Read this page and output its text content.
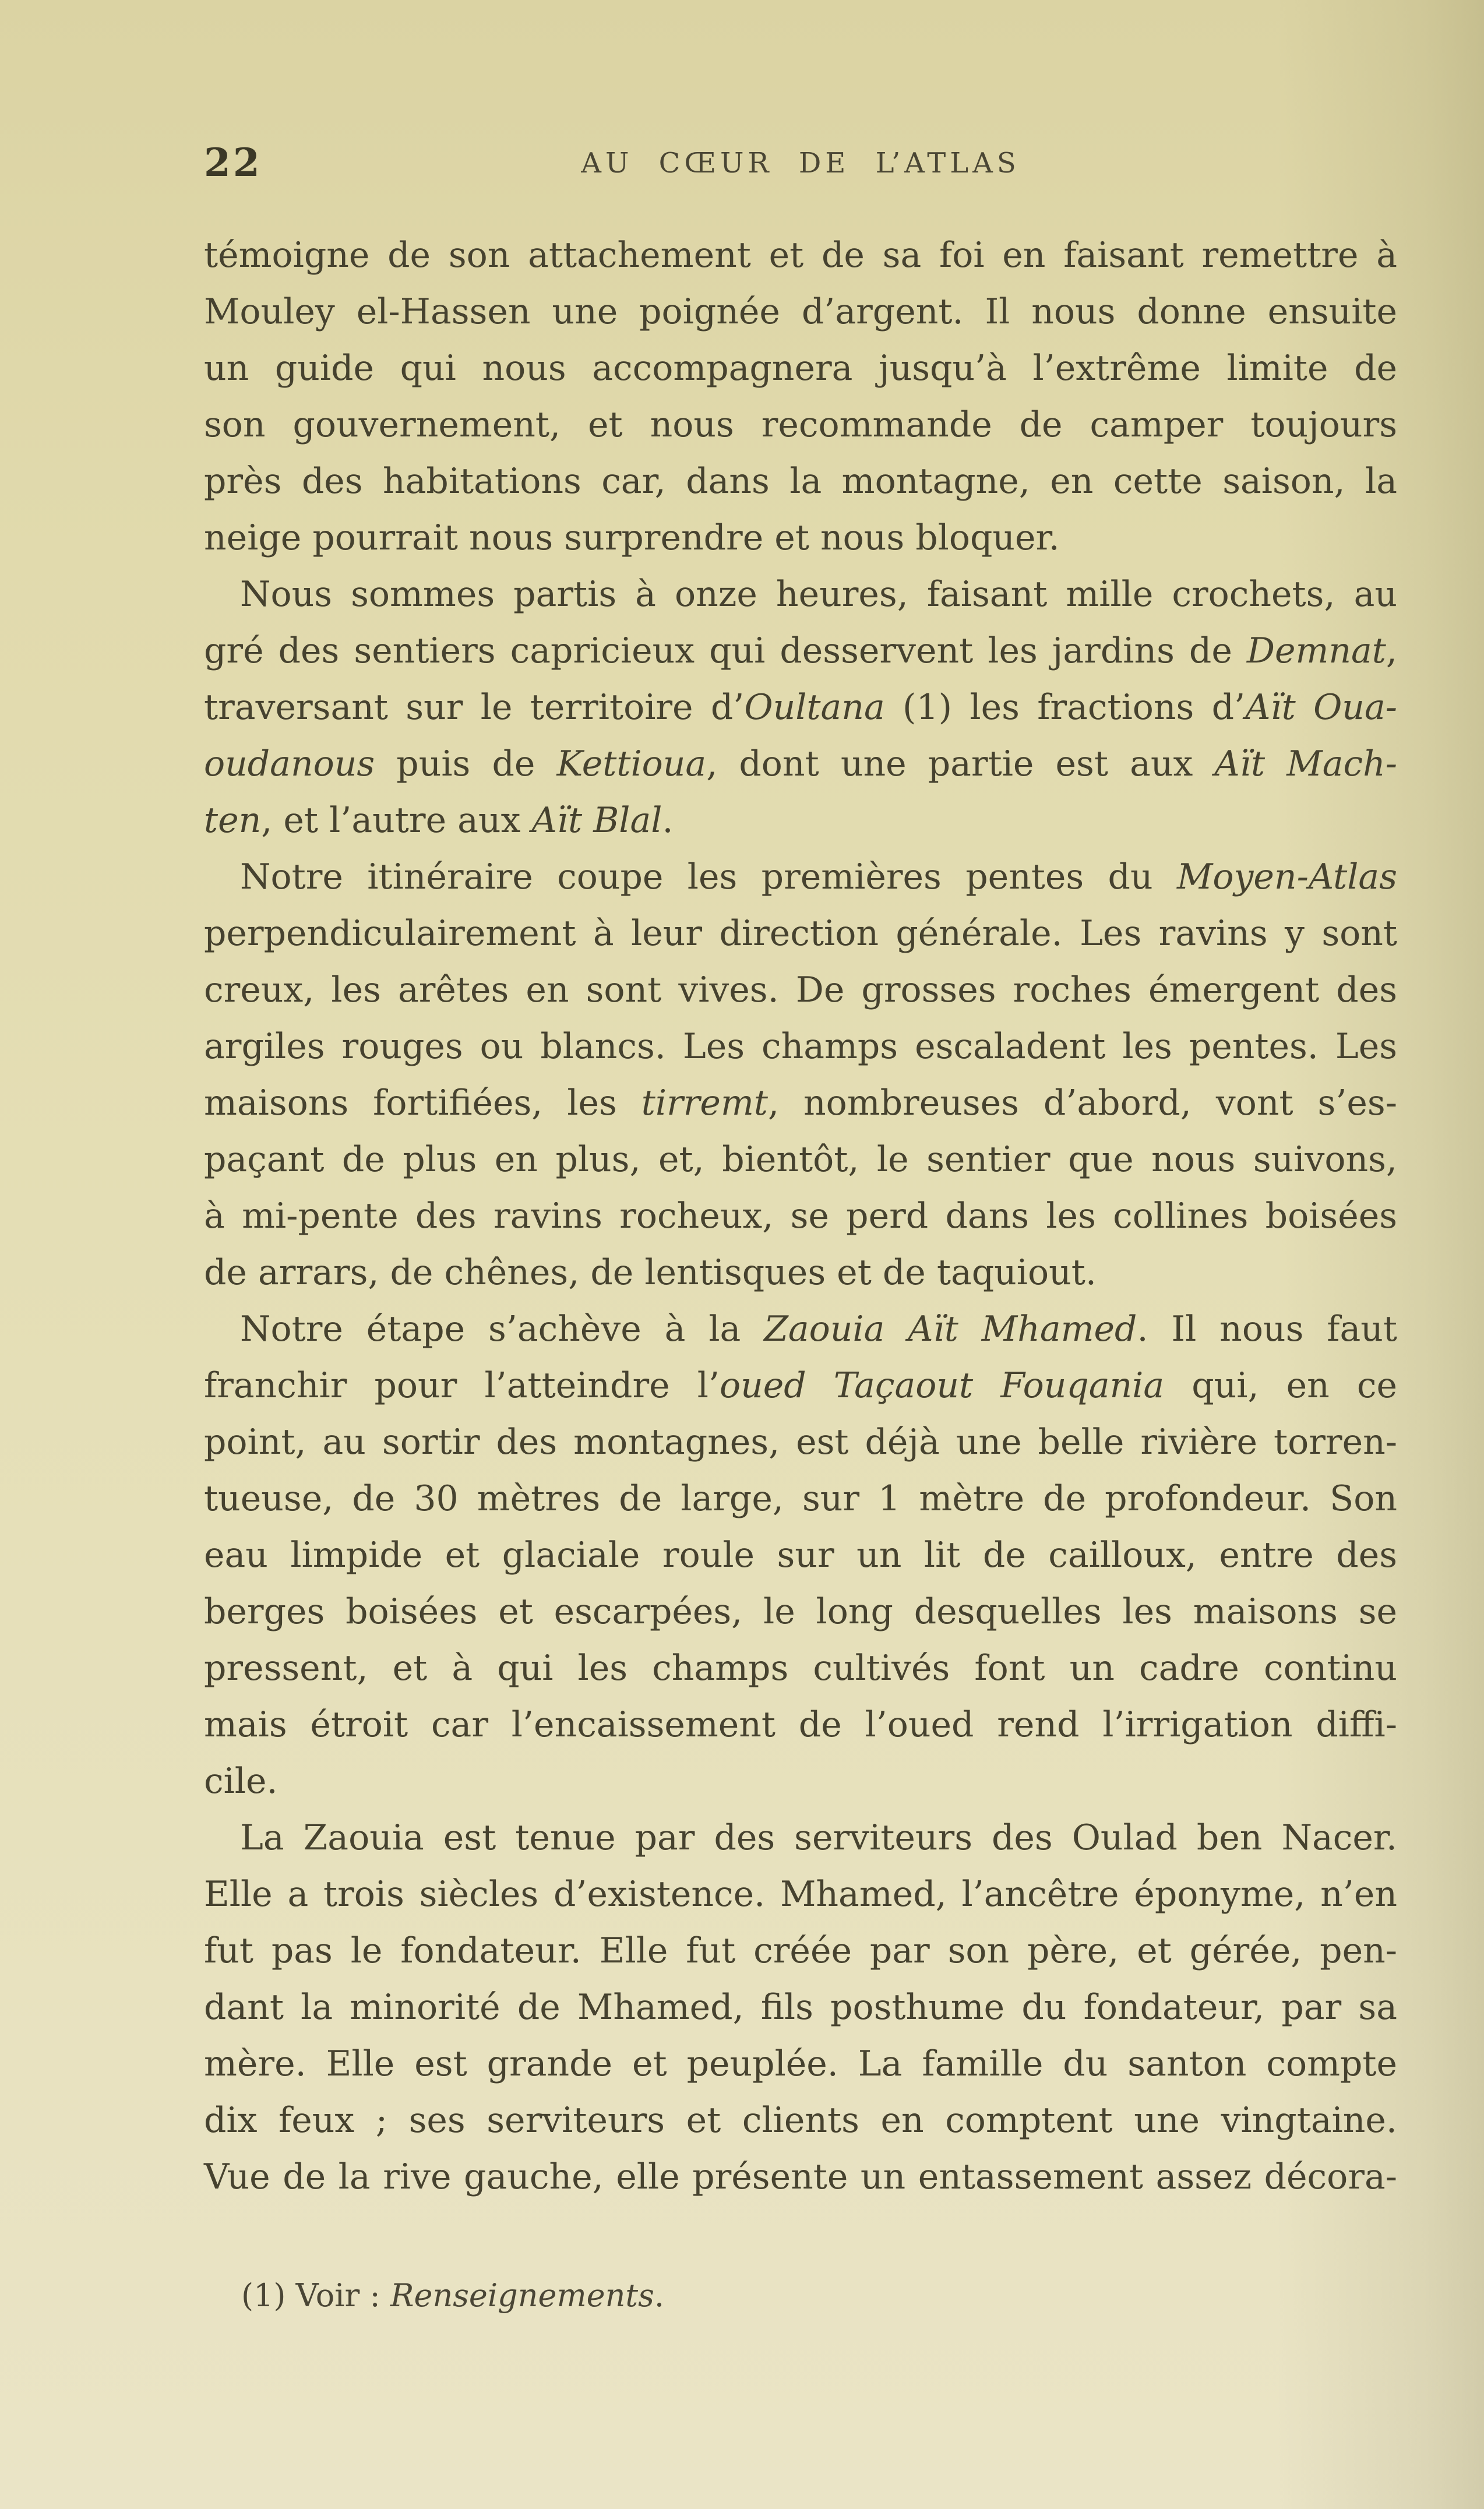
22	AU CŒUR DE L’ATLAS
témoigne de son attachement et de sa foi en faisant remettre à
Mouley el-Hassen une poignée d’argent. Il nous donne ensuite
un guide qui nous accompagnera jusqu’à l’extrême limite de
son gouvernement, et nous recommande de camper toujours
près des habitations car, dans la montagne, en cette saison, la
neige pourrait nous surprendre et nous bloquer.
Nous sommes partis à onze heures, faisant mille crochets, au
gré des sentiers capricieux qui desservent les jardins de Demnat,
traversant sur le territoire d’Oultana (1) les fractions d’Aït Oua-
oudanous puis de Kettioua, dont une partie est aux Aït Mach-
ten, et l’autre aux Aït Blal.
Notre itinéraire coupe les premières pentes du Moyen-Atlas
perpendiculairement à leur direction générale. Les ravins y sont
creux, les arêtes en sont vives. De grosses roches émergent des
argiles rouges ou blancs. Les champs escaladent les pentes. Les
maisons fortifiées, les tirremt, nombreuses d’abord, vont s’es-
paçant de plus en plus, et, bientôt, le sentier que nous suivons,
à mi-pente des ravins rocheux, se perd dans les collines boisées
de arrars, de chênes, de lentisques et de taquiout.
Notre étape s’achève à la Zaouia Aït Mhamed. Il nous faut
franchir pour l’atteindre l’oued Taçaout Fouqania qui, en ce
point, au sortir des montagnes, est déjà une belle rivière torren-
tueuse, de 30 mètres de large, sur 1 mètre de profondeur. Son
eau limpide et glaciale roule sur un lit de cailloux, entre des
berges boisées et escarpées, le long desquelles les maisons se
pressent, et à qui les champs cultivés font un cadre continu
mais étroit car l’encaissement de l’oued rend l’irrigation diffi-
cile.
La Zaouia est tenue par des serviteurs des Oulad ben Nacer.
Elle a trois siècles d’existence. Mhamed, l’ancêtre éponyme, n’en
fut pas le fondateur. Elle fut créée par son père, et gérée, pen-
dant la minorité de Mhamed, fils posthume du fondateur, par sa
mère. Elle est grande et peuplée. La famille du santon compte
dix feux ; ses serviteurs et clients en comptent une vingtaine.
Vue de la rive gauche, elle présente un entassement assez décora-
(1) Voir : Renseignements.
